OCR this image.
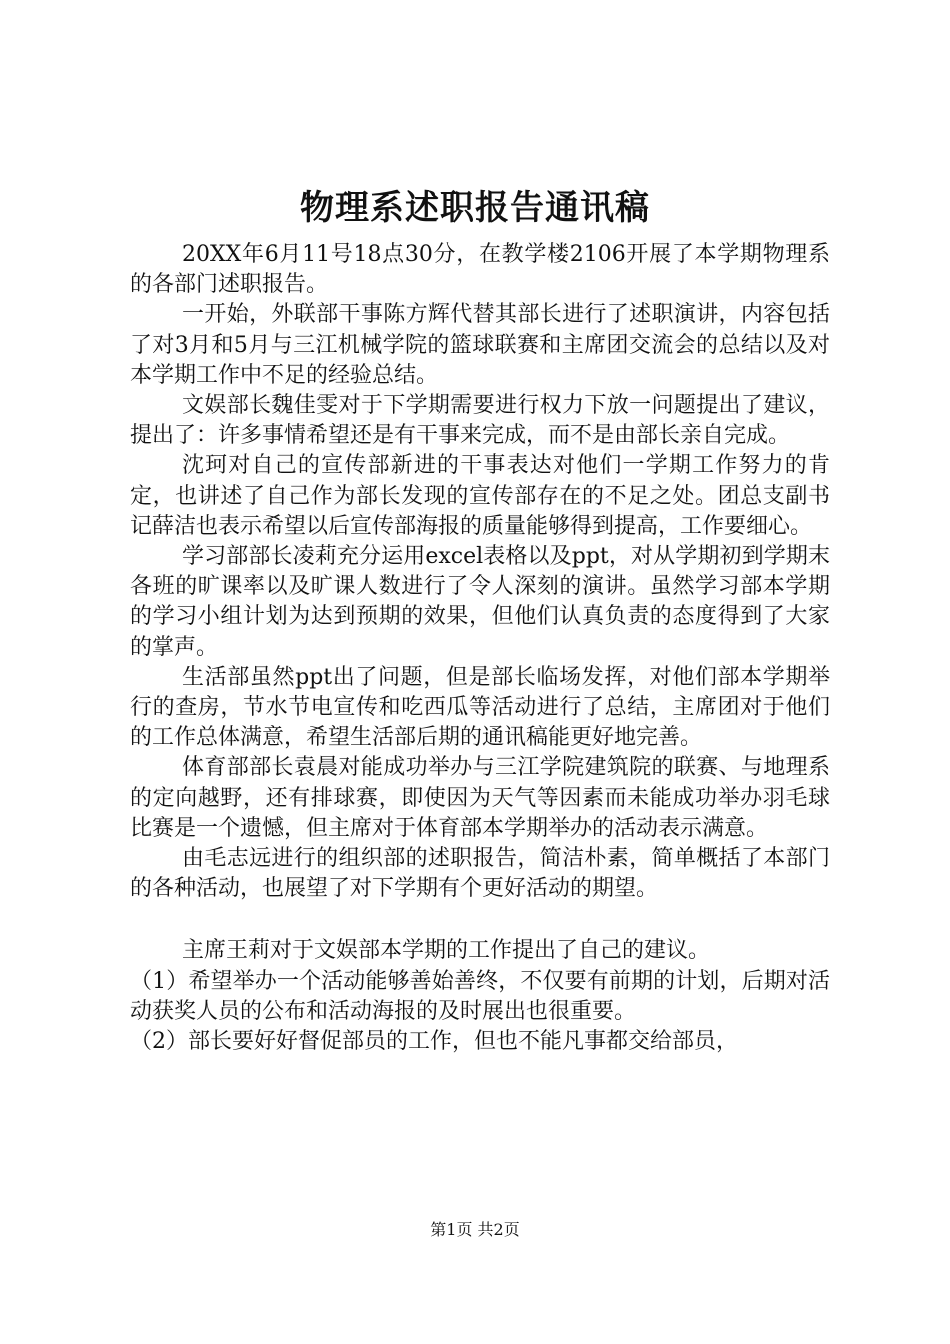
物理系述职报告通讯稿

20XX年6月11号18点30分，在教学楼2106开展了本学期物理系的各部门述职报告。

一开始，外联部干事陈方辉代替其部长进行了述职演讲，内容包括了对3月和5月与三江机械学院的篮球联赛和主席团交流会的总结以及对本学期工作中不足的经验总结。

文娱部长魏佳雯对于下学期需要进行权力下放一问题提出了建议，提出了：许多事情希望还是有干事来完成，而不是由部长亲自完成。

沈珂对自己的宣传部新进的干事表达对他们一学期工作努力的肯定，也讲述了自己作为部长发现的宣传部存在的不足之处。团总支副书记薛洁也表示希望以后宣传部海报的质量能够得到提高，工作要细心。

学习部部长凌莉充分运用excel表格以及ppt，对从学期初到学期末各班的旷课率以及旷课人数进行了令人深刻的演讲。虽然学习部本学期的学习小组计划为达到预期的效果，但他们认真负责的态度得到了大家的掌声。

生活部虽然ppt出了问题，但是部长临场发挥，对他们部本学期举行的查房，节水节电宣传和吃西瓜等活动进行了总结，主席团对于他们的工作总体满意，希望生活部后期的通讯稿能更好地完善。

体育部部长袁晨对能成功举办与三江学院建筑院的联赛、与地理系的定向越野，还有排球赛，即使因为天气等因素而未能成功举办羽毛球比赛是一个遗憾，但主席对于体育部本学期举办的活动表示满意。

由毛志远进行的组织部的述职报告，简洁朴素，简单概括了本部门的各种活动，也展望了对下学期有个更好活动的期望。

主席王莉对于文娱部本学期的工作提出了自己的建议。

（1）希望举办一个活动能够善始善终，不仅要有前期的计划，后期对活动获奖人员的公布和活动海报的及时展出也很重要。

（2）部长要好好督促部员的工作，但也不能凡事都交给部员，

第1页 共2页
